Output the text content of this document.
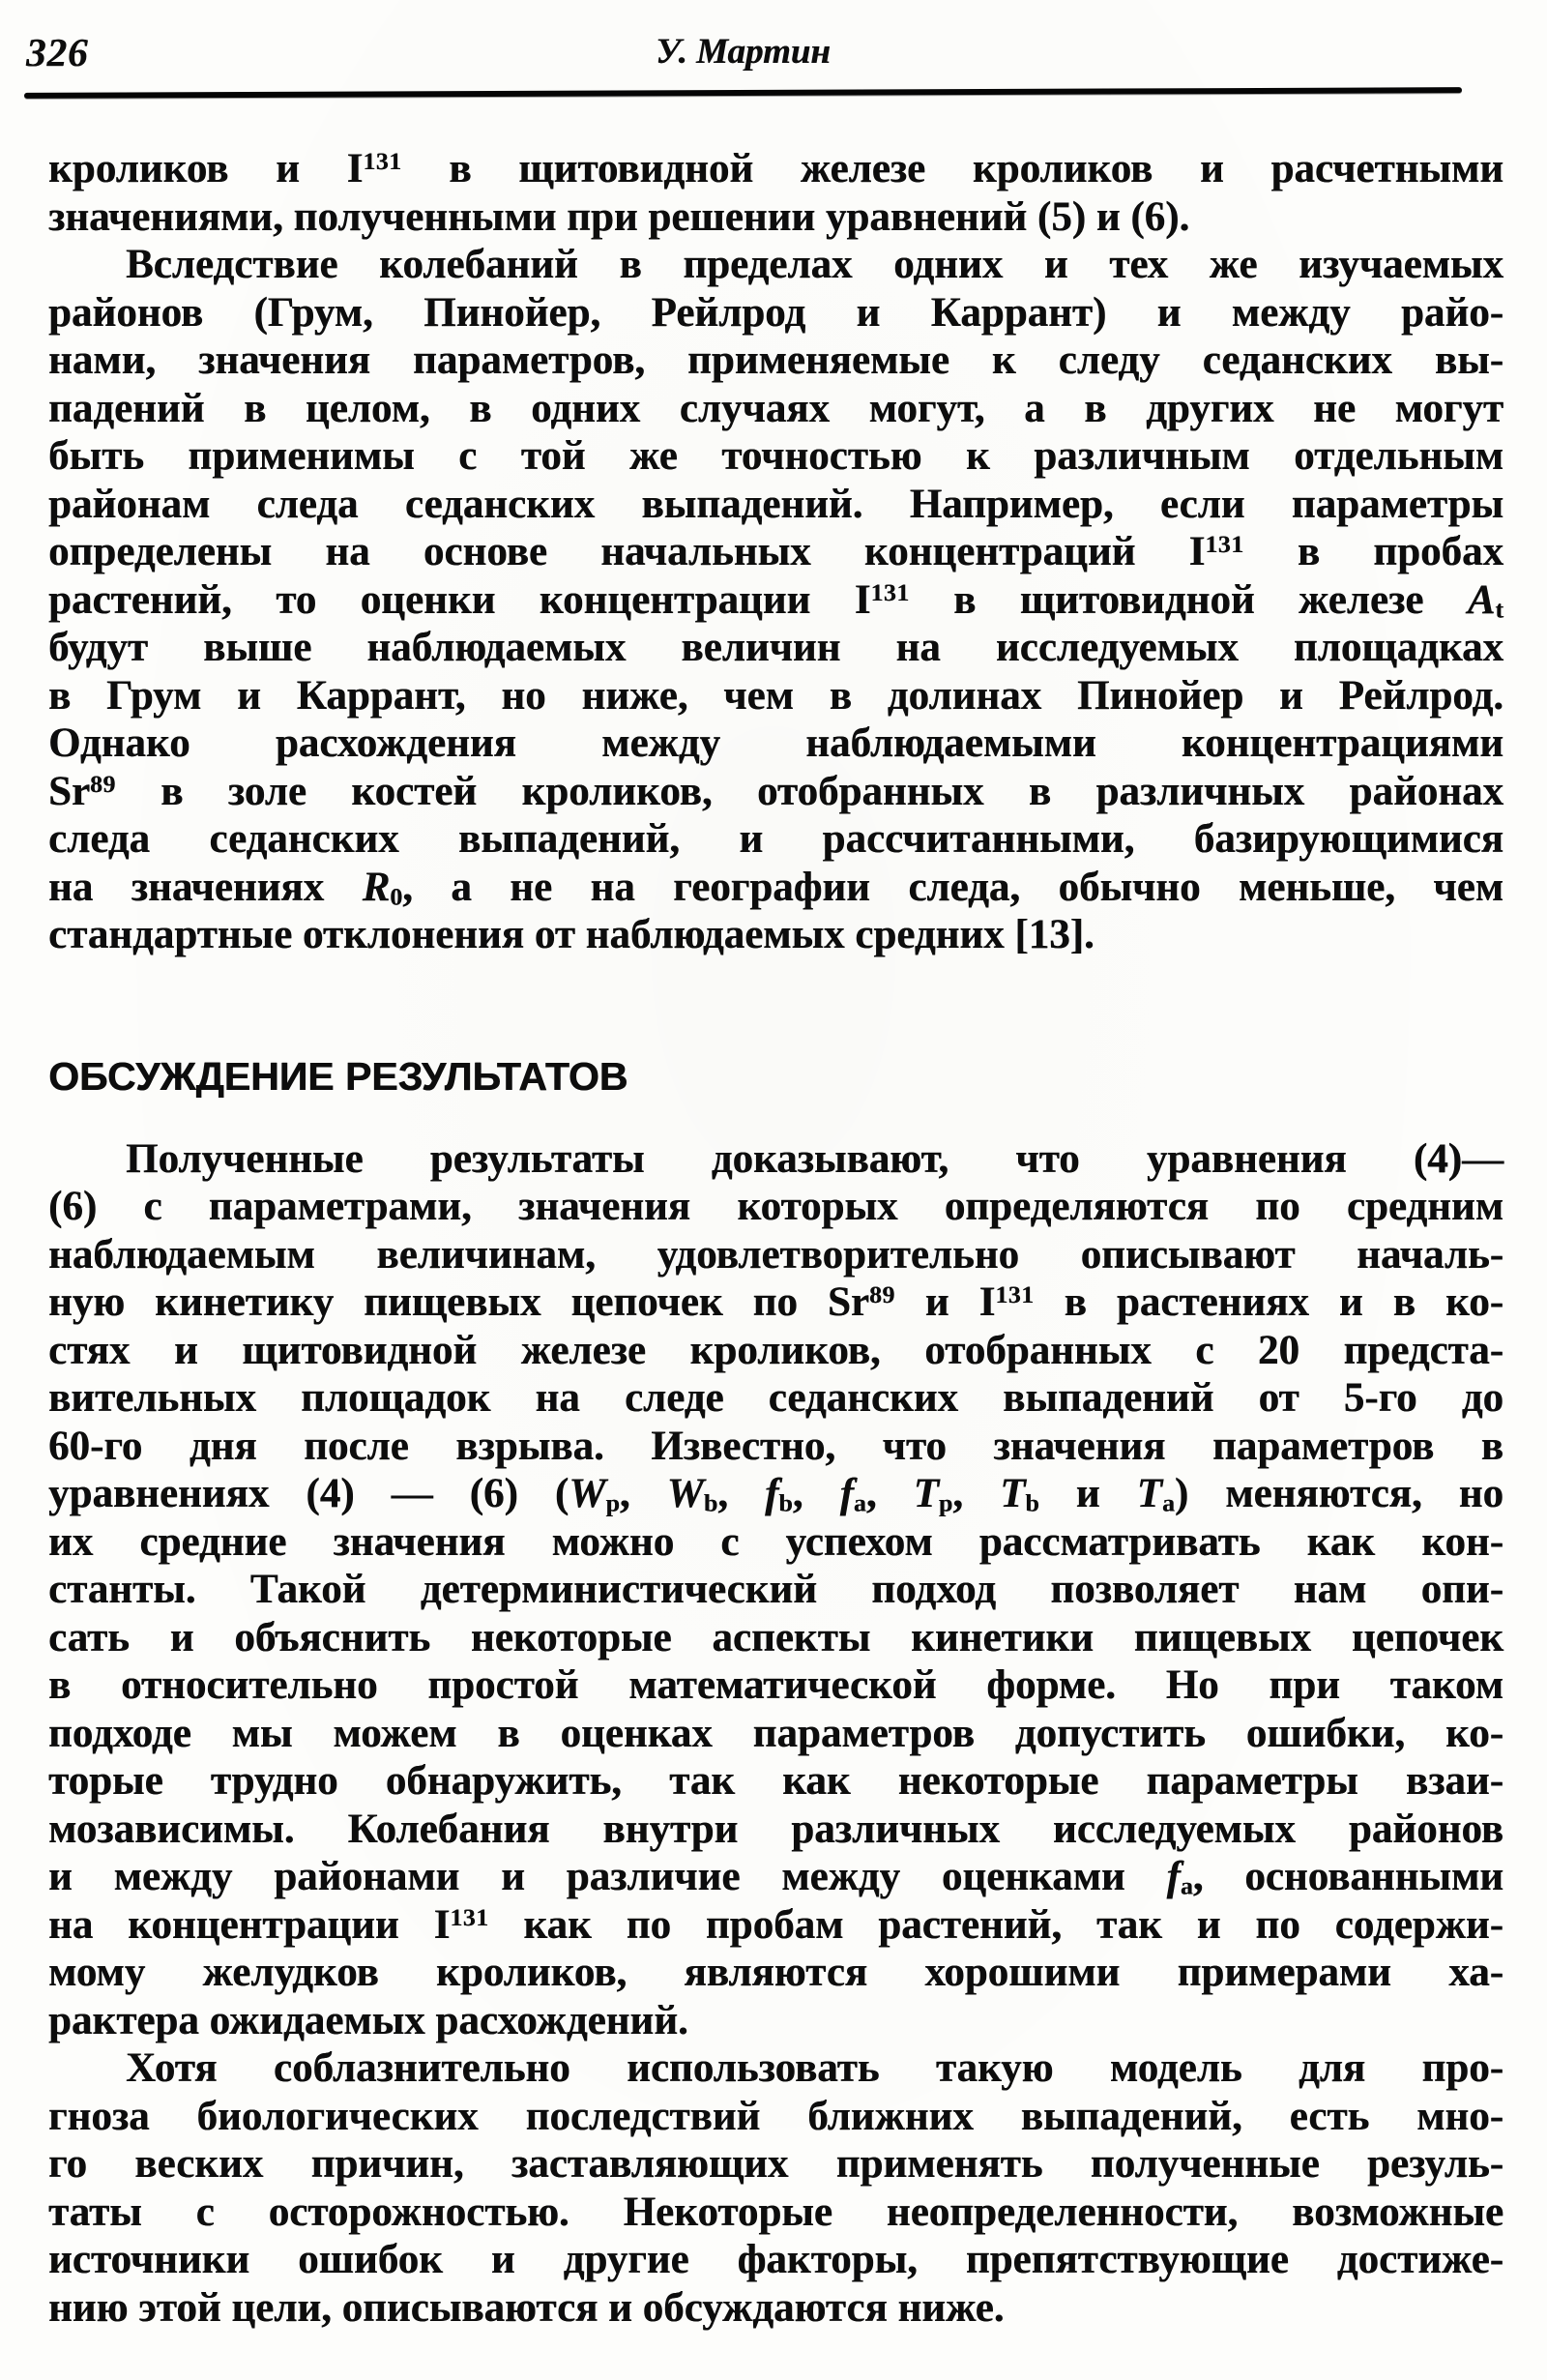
326	У. Мартин
кроликов и $I^{131}$ в щитовидной железе кроликов и расчетными
значениями, полученными при решении уравнений (5) и (6).
Вследствие колебаний в пределах одних и тех же изучаемых
районов (Грум, Пинойер, Рейлрод и Каррант) и между райо-
нами, значения параметров, применяемые к следу седанских вы-
падений в целом, в одних случаях могут, а в других не могут
быть применимы с той же точностью к различным отдельным
районам следа седанских выпадений. Например, если параметры
определены на основе начальных концентраций $I^{131}$ в пробах
растений, то оценки концентрации $I^{131}$ в щитовидной железе $A_t$
будут выше наблюдаемых величин на исследуемых площадках
в Грум и Каррант, но ниже, чем в долинах Пинойер и Рейлрод.
Однако расхождения между наблюдаемыми концентрациями
Sr$^{89}$ в золе костей кроликов, отобранных в различных районах
следа седанских выпадений, и рассчитанными, базирующимися
на значениях $R_0$, а не на географии следа, обычно меньше, чем
стандартные отклонения от наблюдаемых средних [13].
ОБСУЖДЕНИЕ РЕЗУЛЬТАТОВ
Полученные результаты доказывают, что уравнения (4)—
(6) с параметрами, значения которых определяются по средним
наблюдаемым величинам, удовлетворительно описывают началь-
ную кинетику пищевых цепочек по Sr$^{89}$ и $I^{131}$ в растениях и в ко-
стях и щитовидной железе кроликов, отобранных с 20 предста-
вительных площадок на следе седанских выпадений от 5-го до
60-го дня после взрыва. Известно, что значения параметров в
уравнениях (4) — (6) ($W_p$, $W_b$, $f_b$, $f_a$, $T_p$, $T_b$ и $T_a$) меняются, но
их средние значения можно с успехом рассматривать как кон-
станты. Такой детерминистический подход позволяет нам опи-
сать и объяснить некоторые аспекты кинетики пищевых цепочек
в относительно простой математической форме. Но при таком
подходе мы можем в оценках параметров допустить ошибки, ко-
торые трудно обнаружить, так как некоторые параметры взаи-
мозависимы. Колебания внутри различных исследуемых районов
и между районами и различие между оценками $f_a$, основанными
на концентрации $I^{131}$ как по пробам растений, так и по содержи-
мому желудков кроликов, являются хорошими примерами ха-
рактера ожидаемых расхождений.
Хотя соблазнительно использовать такую модель для про-
гноза биологических последствий ближних выпадений, есть мно-
го веских причин, заставляющих применять полученные резуль-
таты с осторожностью. Некоторые неопределенности, возможные
источники ошибок и другие факторы, препятствующие достиже-
нию этой цели, описываются и обсуждаются ниже.
